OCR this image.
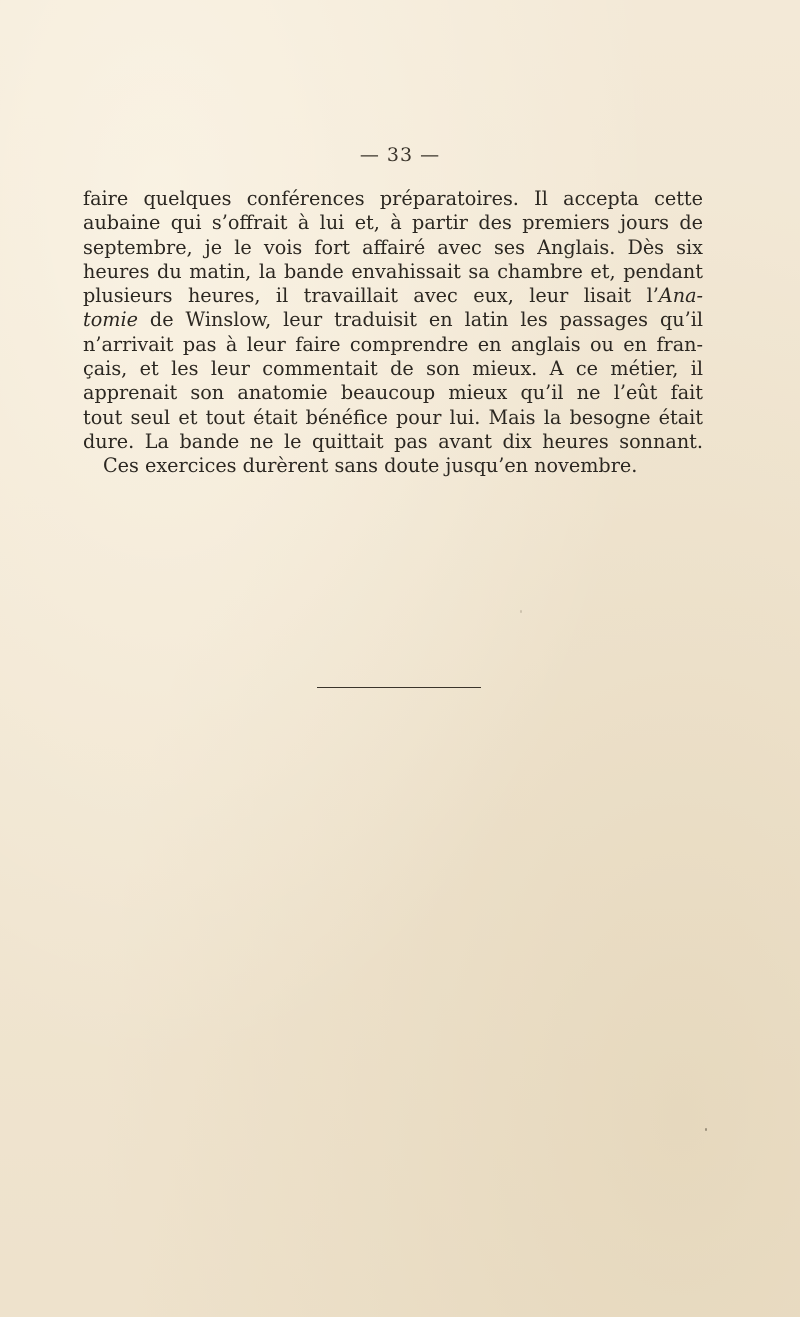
— 33 —

faire quelques conférences préparatoires. Il accepta cette
aubaine qui s’offrait à lui et, à partir des premiers jours de
septembre, je le vois fort affairé avec ses Anglais. Dès six
heures du matin, la bande envahissait sa chambre et, pendant
plusieurs heures, il travaillait avec eux, leur lisait l’Ana-
tomie de Winslow, leur traduisit en latin les passages qu’il
n’arrivait pas à leur faire comprendre en anglais ou en fran-
çais, et les leur commentait de son mieux. A ce métier, il
apprenait son anatomie beaucoup mieux qu’il ne l’eût fait
tout seul et tout était bénéfice pour lui. Mais la besogne était
dure. La bande ne le quittait pas avant dix heures sonnant.
Ces exercices durèrent sans doute jusqu’en novembre.
